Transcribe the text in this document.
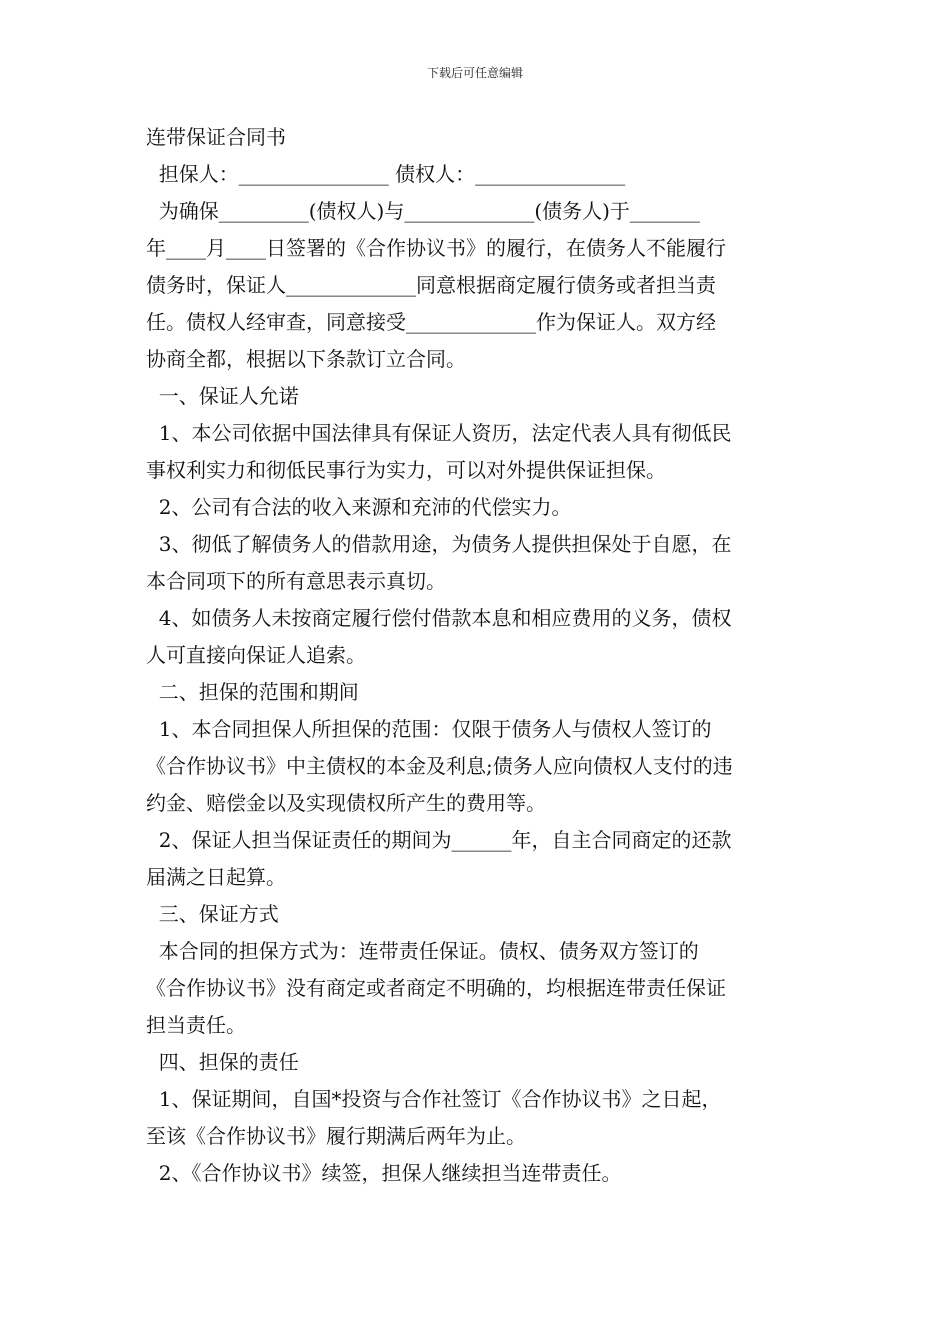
下载后可任意编辑
连带保证合同书
担保人：_______________ 债权人：_______________
为确保_________(债权人)与_____________(债务人)于_______
年____月____日签署的《合作协议书》的履行，在债务人不能履行
债务时，保证人_____________同意根据商定履行债务或者担当责
任。债权人经审查，同意接受_____________作为保证人。双方经
协商全都，根据以下条款订立合同。
一、保证人允诺
1、本公司依据中国法律具有保证人资历，法定代表人具有彻低民
事权利实力和彻低民事行为实力，可以对外提供保证担保。
2、公司有合法的收入来源和充沛的代偿实力。
3、彻低了解债务人的借款用途，为债务人提供担保处于自愿，在
本合同项下的所有意思表示真切。
4、如债务人未按商定履行偿付借款本息和相应费用的义务，债权
人可直接向保证人追索。
二、担保的范围和期间
1、本合同担保人所担保的范围：仅限于债务人与债权人签订的
《合作协议书》中主债权的本金及利息;债务人应向债权人支付的违
约金、赔偿金以及实现债权所产生的费用等。
2、保证人担当保证责任的期间为______年，自主合同商定的还款
届满之日起算。
三、保证方式
本合同的担保方式为：连带责任保证。债权、债务双方签订的
《合作协议书》没有商定或者商定不明确的，均根据连带责任保证
担当责任。
四、担保的责任
1、保证期间，自国*投资与合作社签订《合作协议书》之日起，
至该《合作协议书》履行期满后两年为止。
2、《合作协议书》续签，担保人继续担当连带责任。
